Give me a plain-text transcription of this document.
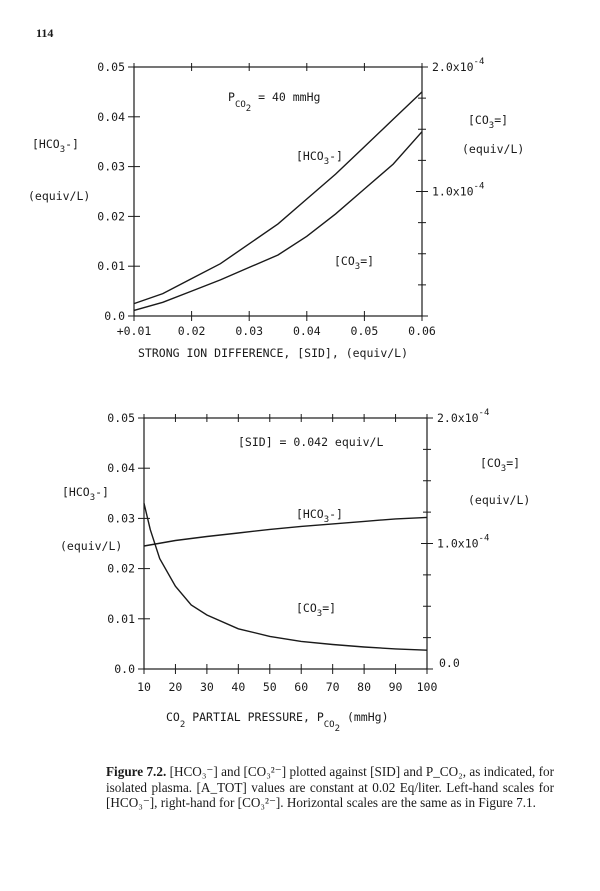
114
0.0
0.01
0.02
0.03
0.04
0.05
+0.01 0.02	0.03	0.04	0.05	0.06
$1.0x10^{-4}$
$2.0x10^{-4}$
$[HCO_3-]$
$[CO_3=]$
$P_{CO2} = 40$ mmHg
$[HCO_3-]$
(equiv/L)
$[CO_3=]$
(equiv/L)
STRONG ION DIFFERENCE, [SID], (equiv/L)
0.0
0.01
0.02
0.03
0.04
0.05
10 20 30 40 50 60 70 80 90 100
0.0
$1.0x10^{-4}$
$2.0x10^{-4}$
$[HCO_3-]$
$[CO_3=]$
[SID] = 0.042 equiv/L
$[HCO_3-]$
(equiv/L)
$[CO_3=]$
(equiv/L)
$CO_2$ PARTIAL PRESSURE, $P_{CO2}$ (mmHg)
Figure 7.2. [HCO₃⁻] and [CO₃²⁻] plotted against [SID] and P_CO₂, as indicated, for isolated plasma. [A_TOT] values are constant at 0.02 Eq/liter. Left-hand scales for [HCO₃⁻], right-hand for [CO₃²⁻]. Horizontal scales are the same as in Figure 7.1.
